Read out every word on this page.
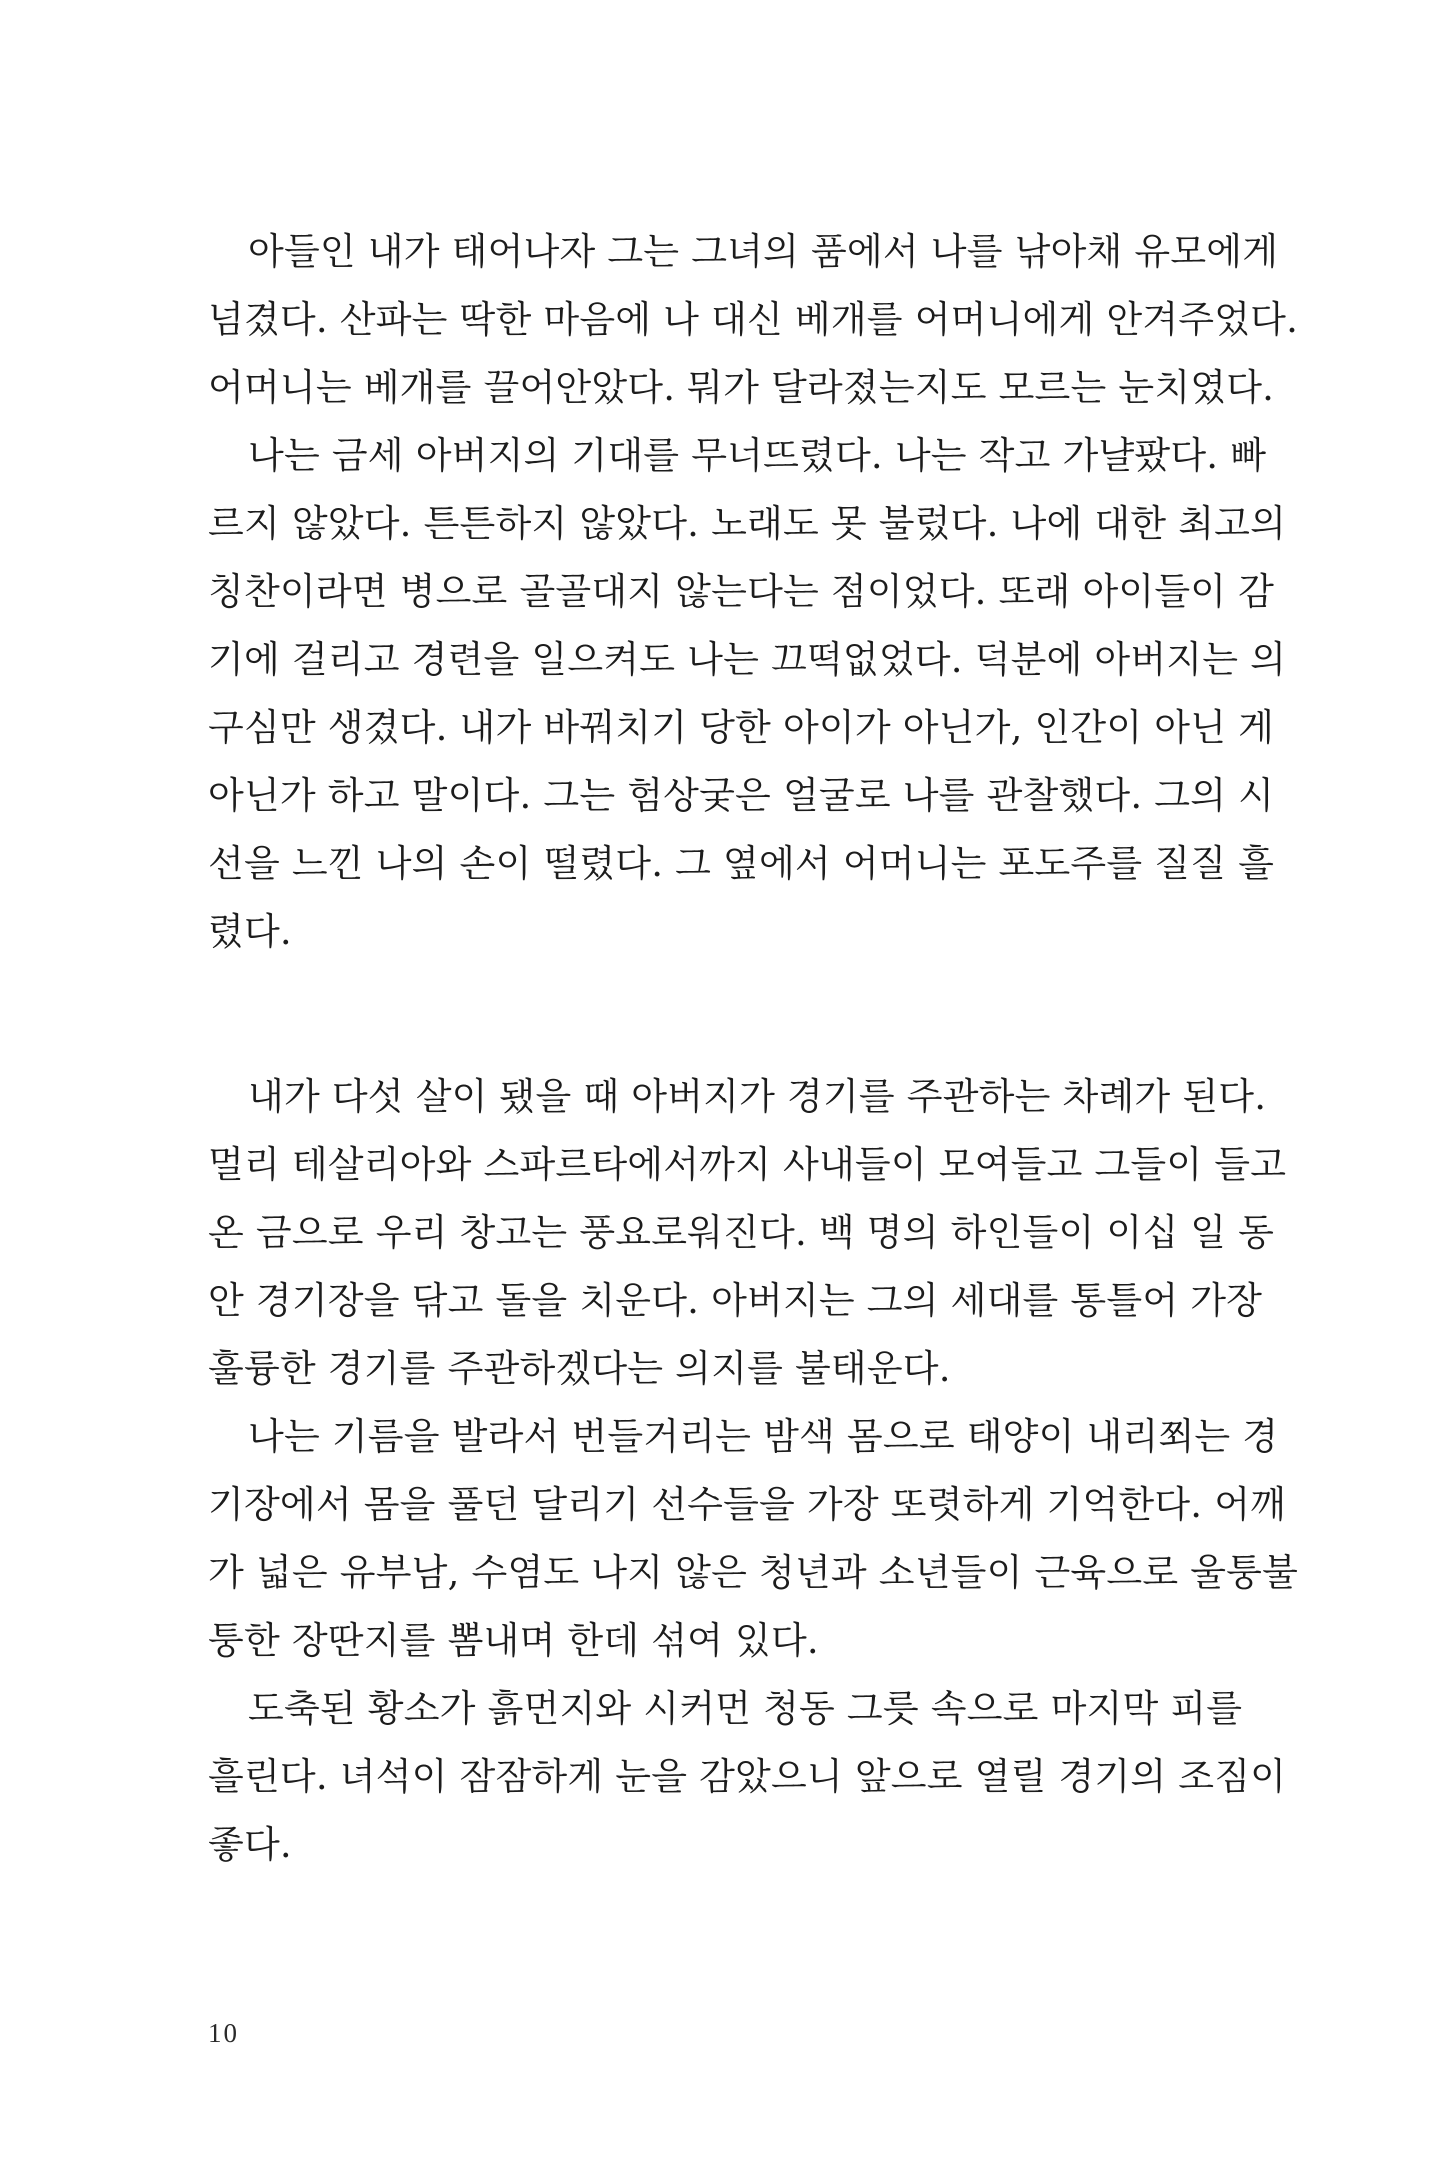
아들인 내가 태어나자 그는 그녀의 품에서 나를 낚아채 유모에게
넘겼다. 산파는 딱한 마음에 나 대신 베개를 어머니에게 안겨주었다.
어머니는 베개를 끌어안았다. 뭐가 달라졌는지도 모르는 눈치였다.
나는 금세 아버지의 기대를 무너뜨렸다. 나는 작고 가냘팠다. 빠
르지 않았다. 튼튼하지 않았다. 노래도 못 불렀다. 나에 대한 최고의
칭찬이라면 병으로 골골대지 않는다는 점이었다. 또래 아이들이 감
기에 걸리고 경련을 일으켜도 나는 끄떡없었다. 덕분에 아버지는 의
구심만 생겼다. 내가 바꿔치기 당한 아이가 아닌가, 인간이 아닌 게
아닌가 하고 말이다. 그는 험상궂은 얼굴로 나를 관찰했다. 그의 시
선을 느낀 나의 손이 떨렸다. 그 옆에서 어머니는 포도주를 질질 흘
렸다.
내가 다섯 살이 됐을 때 아버지가 경기를 주관하는 차례가 된다.
멀리 테살리아와 스파르타에서까지 사내들이 모여들고 그들이 들고
온 금으로 우리 창고는 풍요로워진다. 백 명의 하인들이 이십 일 동
안 경기장을 닦고 돌을 치운다. 아버지는 그의 세대를 통틀어 가장
훌륭한 경기를 주관하겠다는 의지를 불태운다.
나는 기름을 발라서 번들거리는 밤색 몸으로 태양이 내리쬐는 경
기장에서 몸을 풀던 달리기 선수들을 가장 또렷하게 기억한다. 어깨
가 넓은 유부남, 수염도 나지 않은 청년과 소년들이 근육으로 울퉁불
퉁한 장딴지를 뽐내며 한데 섞여 있다.
도축된 황소가 흙먼지와 시커먼 청동 그릇 속으로 마지막 피를
흘린다. 녀석이 잠잠하게 눈을 감았으니 앞으로 열릴 경기의 조짐이
좋다.
10
